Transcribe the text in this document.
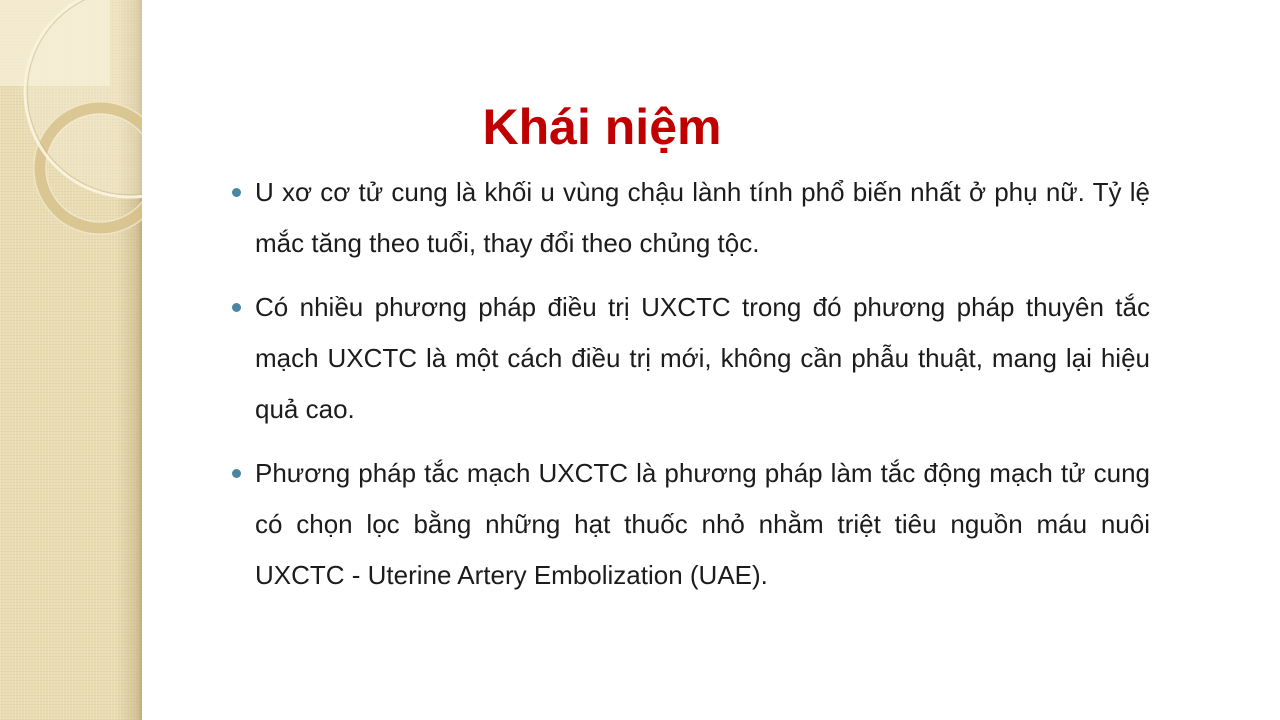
Khái niệm
U xơ cơ tử cung là khối u vùng chậu lành tính phổ biến nhất ở phụ nữ. Tỷ lệ mắc tăng theo tuổi, thay đổi theo chủng tộc.
Có nhiều phương pháp điều trị UXCTC trong đó phương pháp thuyên tắc mạch UXCTC là một cách điều trị mới, không cần phẫu thuật, mang lại hiệu quả cao.
Phương pháp tắc mạch UXCTC là phương pháp làm tắc động mạch tử cung có chọn lọc bằng những hạt thuốc nhỏ nhằm triệt tiêu nguồn máu nuôi UXCTC - Uterine Artery Embolization (UAE).
